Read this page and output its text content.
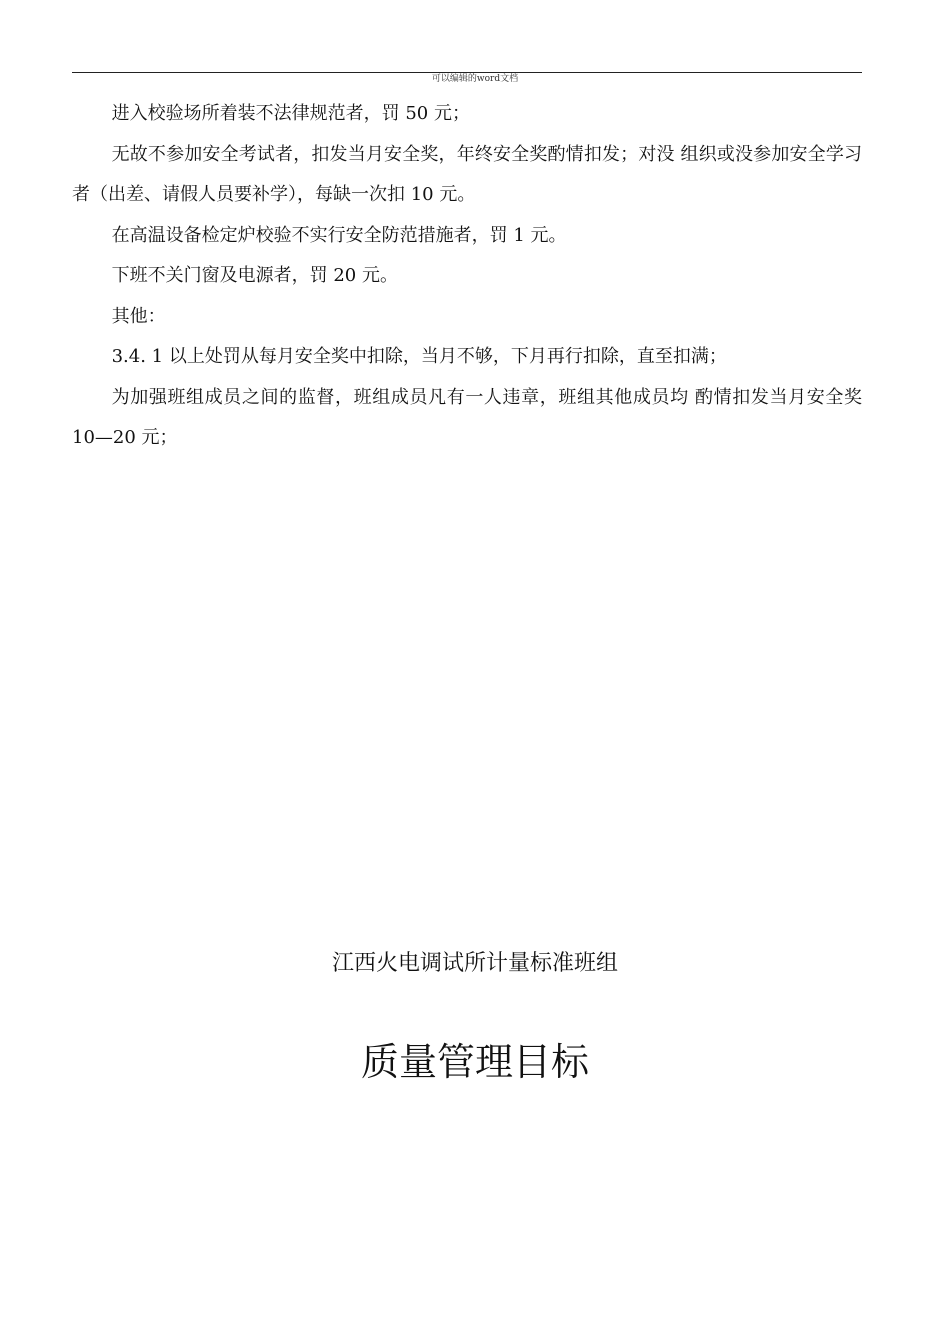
可以编辑的word文档

进入校验场所着装不法律规范者，罚 50 元；

无故不参加安全考试者，扣发当月安全奖，年终安全奖酌情扣发；对没 组织或没参加安全学习者（出差、请假人员要补学），每缺一次扣 10 元。

在高温设备检定炉校验不实行安全防范措施者，罚 1 元。

下班不关门窗及电源者，罚 20 元。

其他：

3.4. 1 以上处罚从每月安全奖中扣除，当月不够，下月再行扣除，直至扣满；

为加强班组成员之间的监督，班组成员凡有一人违章，班组其他成员均 酌情扣发当月安全奖 10—20 元；

江西火电调试所计量标准班组
质量管理目标
